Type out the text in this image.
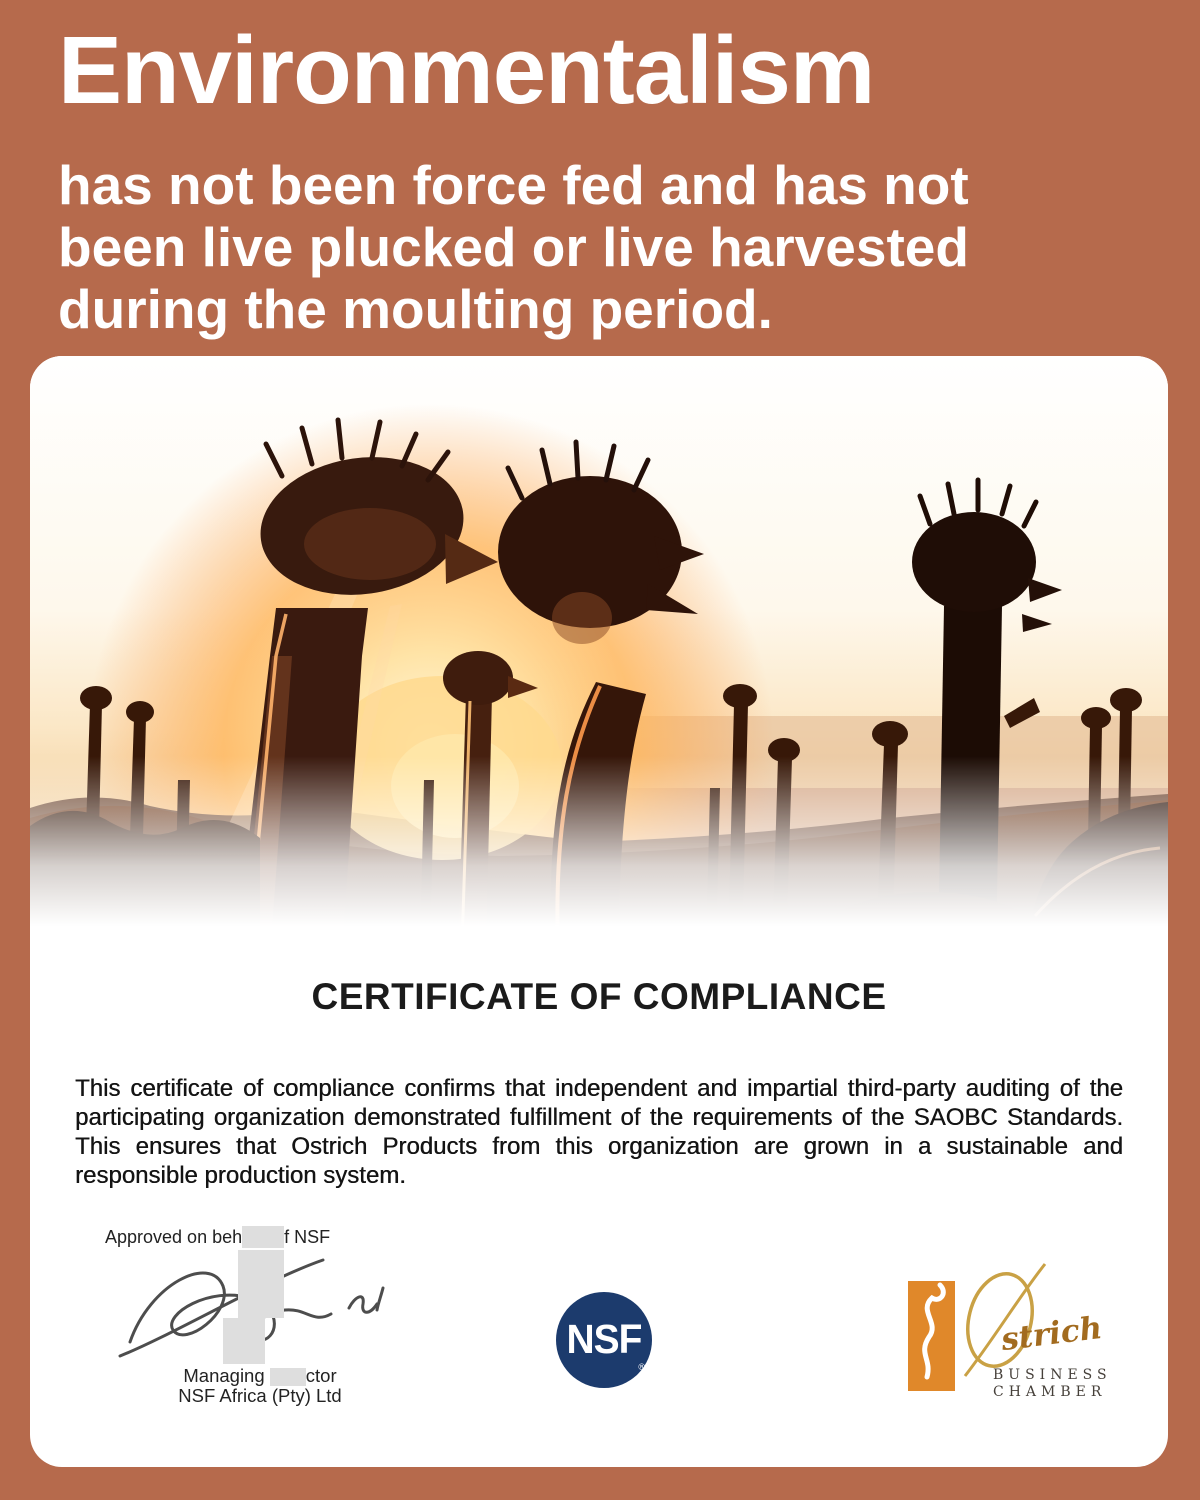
Environmentalism

has not been force fed and has not
been live plucked or live harvested
during the moulting period.

CERTIFICATE OF COMPLIANCE

This certificate of compliance confirms that independent and impartial third-party auditing of the participating organization demonstrated fulfillment of the requirements of the SAOBC Standards. This ensures that Ostrich Products from this organization are grown in a sustainable and responsible production system.

Approved on beh f NSF
Managing ctor
NSF Africa (Pty) Ltd
NSF
®
strich
BUSINESS
CHAMBER
